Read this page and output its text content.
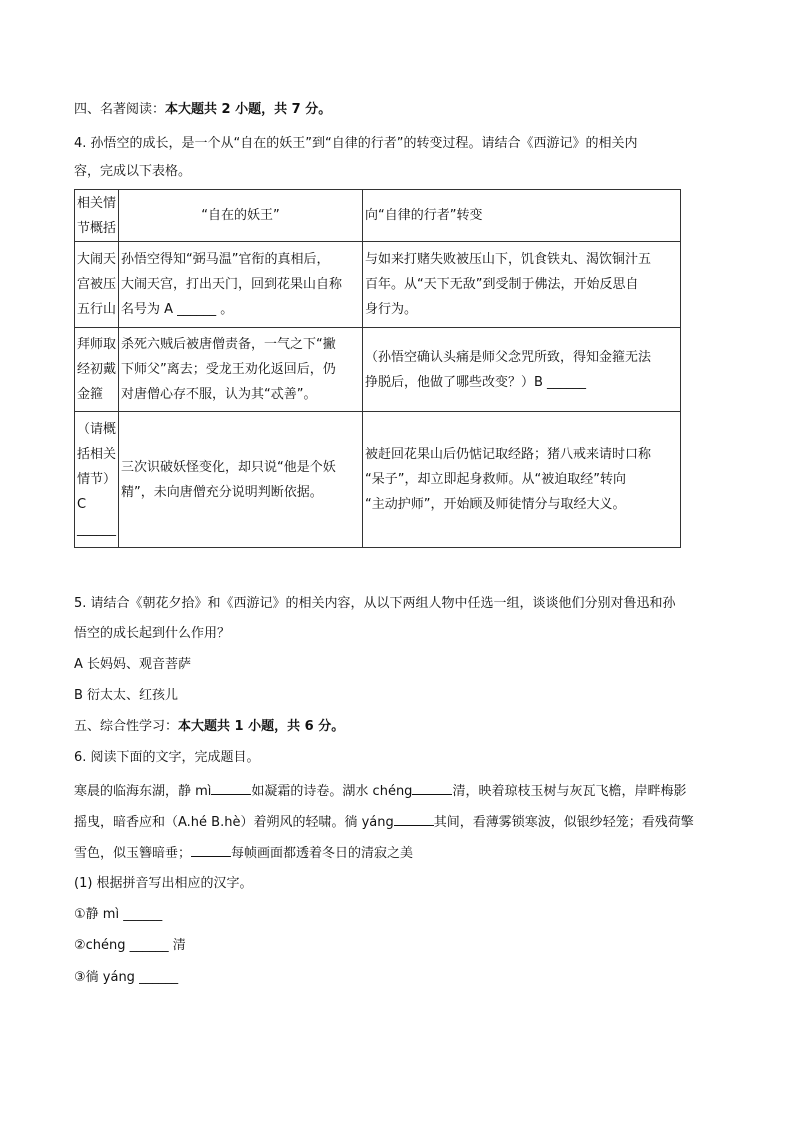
四、名著阅读：本大题共 2 小题，共 7 分。
4. 孙悟空的成长，是一个从“自在的妖王”到“自律的行者”的转变过程。请结合《西游记》的相关内
容，完成以下表格。
相关情
节概括	“自在的妖王”	向“自律的行者”转变
大闹天
宫被压
五行山	孙悟空得知“弼马温”官衔的真相后，
大闹天宫，打出天门，回到花果山自称
名号为 A ______ 。	与如来打赌失败被压山下，饥食铁丸、渴饮铜汁五
百年。从“天下无敌”到受制于佛法，开始反思自
身行为。
拜师取
经初戴
金箍	杀死六贼后被唐僧责备，一气之下“撇
下师父”离去；受龙王劝化返回后，仍
对唐僧心存不服，认为其“忒善”。	（孙悟空确认头痛是师父念咒所致，得知金箍无法
挣脱后，他做了哪些改变？）B ______
（请概
括相关
情节）
C
______	三次识破妖怪变化，却只说“他是个妖
精”，未向唐僧充分说明判断依据。	被赶回花果山后仍惦记取经路；猪八戒来请时口称
“呆子”，却立即起身救师。从“被迫取经”转向
“主动护师”，开始顾及师徒情分与取经大义。
5. 请结合《朝花夕拾》和《西游记》的相关内容，从以下两组人物中任选一组，谈谈他们分别对鲁迅和孙
悟空的成长起到什么作用？
A 长妈妈、观音菩萨
B 衍太太、红孩儿
五、综合性学习：本大题共 1 小题，共 6 分。
6. 阅读下面的文字，完成题目。
寒晨的临海东湖，静 mì	如凝霜的诗卷。湖水 chéng	清，映着琼枝玉树与灰瓦飞檐，岸畔梅影
摇曳，暗香应和（A.hé B.hè）着朔风的轻啸。徜 yáng	其间，看薄雾锁寒波，似银纱轻笼；看残荷擎
雪色，似玉簪暗垂；	每帧画面都透着冬日的清寂之美
(1) 根据拼音写出相应的汉字。
①静 mì ______
②chéng ______ 清
③徜 yáng ______
